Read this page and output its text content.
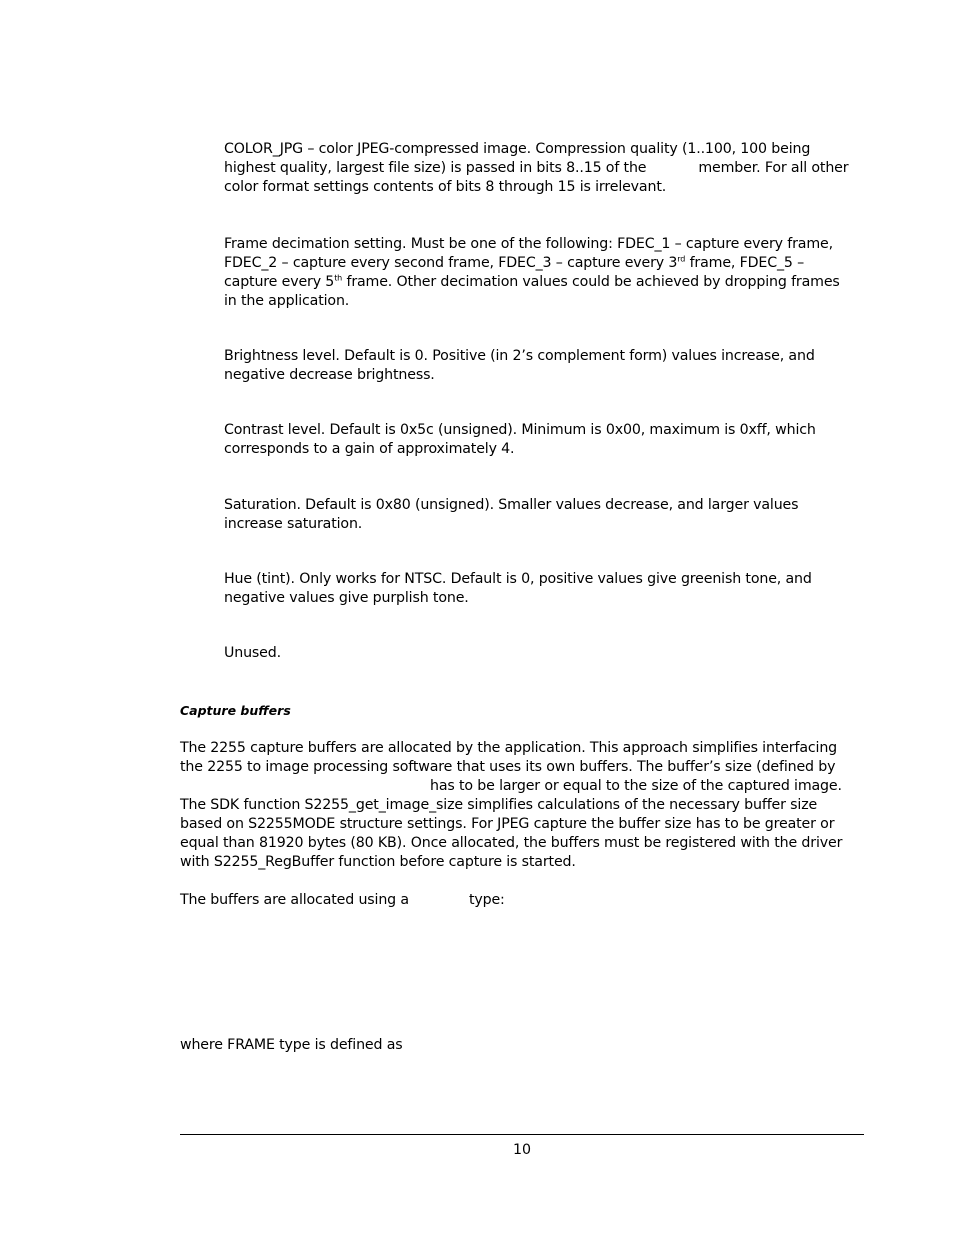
COLOR_JPG – color JPEG-compressed image. Compression quality (1..100, 100 being highest quality, largest file size) is passed in bits 8..15 of the	member. For all other color format settings contents of bits 8 through 15 is irrelevant.

Frame decimation setting. Must be one of the following: FDEC_1 – capture every frame, FDEC_2 – capture every second frame, FDEC_3 – capture every 3rd frame, FDEC_5 – capture every 5th frame. Other decimation values could be achieved by dropping frames in the application.

Brightness level. Default is 0. Positive (in 2’s complement form) values increase, and negative decrease brightness.

Contrast level. Default is 0x5c (unsigned). Minimum is 0x00, maximum is 0xff, which corresponds to a gain of approximately 4.

Saturation. Default is 0x80 (unsigned). Smaller values decrease, and larger values increase saturation.

Hue (tint). Only works for NTSC. Default is 0, positive values give greenish tone, and negative values give purplish tone.

Unused.

Capture buffers

The 2255 capture buffers are allocated by the application. This approach simplifies interfacing the 2255 to image processing software that uses its own buffers. The buffer’s size (defined by
has to be larger or equal to the size of the captured image. The SDK function S2255_get_image_size simplifies calculations of the necessary buffer size based on S2255MODE structure settings. For JPEG capture the buffer size has to be greater or equal than 81920 bytes (80 KB). Once allocated, the buffers must be registered with the driver with S2255_RegBuffer function before capture is started.

The buffers are allocated using a	type:

where FRAME type is defined as

10
